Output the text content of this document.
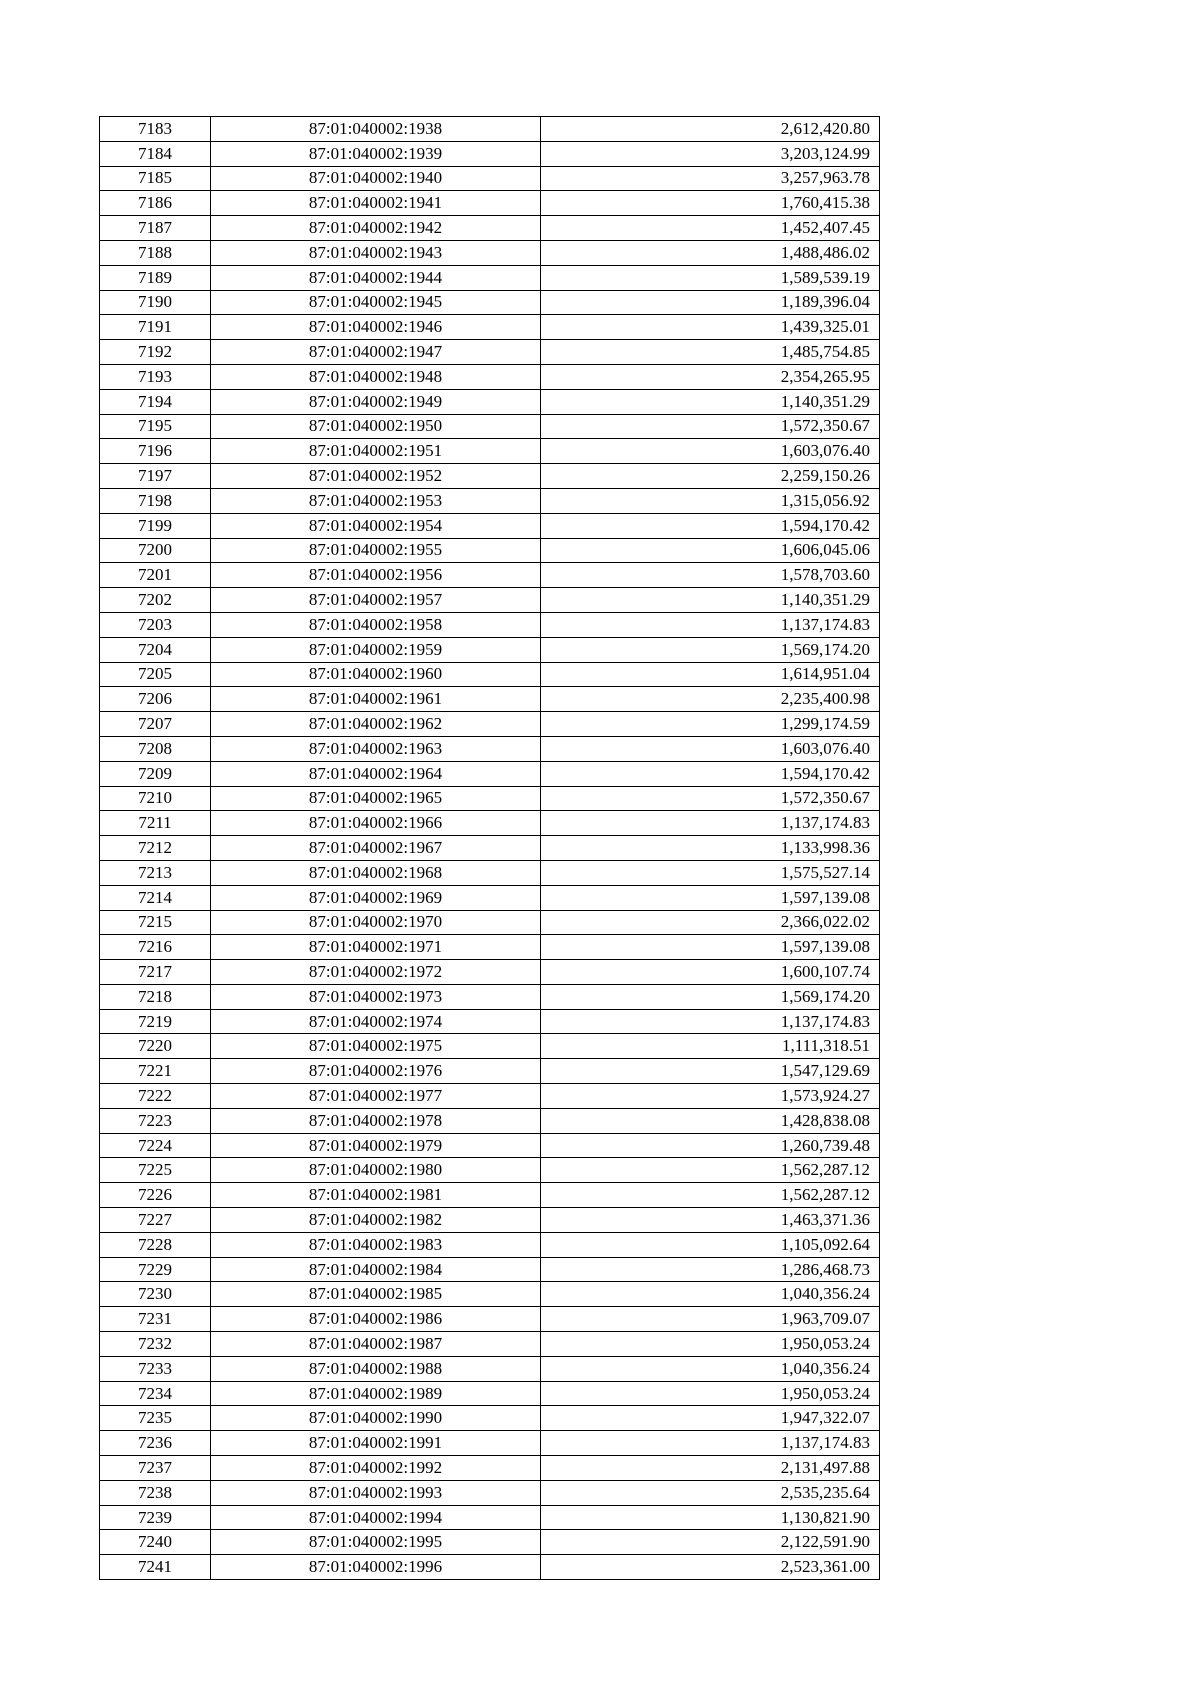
7183	87:01:040002:1938	2,612,420.80
7184	87:01:040002:1939	3,203,124.99
7185	87:01:040002:1940	3,257,963.78
7186	87:01:040002:1941	1,760,415.38
7187	87:01:040002:1942	1,452,407.45
7188	87:01:040002:1943	1,488,486.02
7189	87:01:040002:1944	1,589,539.19
7190	87:01:040002:1945	1,189,396.04
7191	87:01:040002:1946	1,439,325.01
7192	87:01:040002:1947	1,485,754.85
7193	87:01:040002:1948	2,354,265.95
7194	87:01:040002:1949	1,140,351.29
7195	87:01:040002:1950	1,572,350.67
7196	87:01:040002:1951	1,603,076.40
7197	87:01:040002:1952	2,259,150.26
7198	87:01:040002:1953	1,315,056.92
7199	87:01:040002:1954	1,594,170.42
7200	87:01:040002:1955	1,606,045.06
7201	87:01:040002:1956	1,578,703.60
7202	87:01:040002:1957	1,140,351.29
7203	87:01:040002:1958	1,137,174.83
7204	87:01:040002:1959	1,569,174.20
7205	87:01:040002:1960	1,614,951.04
7206	87:01:040002:1961	2,235,400.98
7207	87:01:040002:1962	1,299,174.59
7208	87:01:040002:1963	1,603,076.40
7209	87:01:040002:1964	1,594,170.42
7210	87:01:040002:1965	1,572,350.67
7211	87:01:040002:1966	1,137,174.83
7212	87:01:040002:1967	1,133,998.36
7213	87:01:040002:1968	1,575,527.14
7214	87:01:040002:1969	1,597,139.08
7215	87:01:040002:1970	2,366,022.02
7216	87:01:040002:1971	1,597,139.08
7217	87:01:040002:1972	1,600,107.74
7218	87:01:040002:1973	1,569,174.20
7219	87:01:040002:1974	1,137,174.83
7220	87:01:040002:1975	1,111,318.51
7221	87:01:040002:1976	1,547,129.69
7222	87:01:040002:1977	1,573,924.27
7223	87:01:040002:1978	1,428,838.08
7224	87:01:040002:1979	1,260,739.48
7225	87:01:040002:1980	1,562,287.12
7226	87:01:040002:1981	1,562,287.12
7227	87:01:040002:1982	1,463,371.36
7228	87:01:040002:1983	1,105,092.64
7229	87:01:040002:1984	1,286,468.73
7230	87:01:040002:1985	1,040,356.24
7231	87:01:040002:1986	1,963,709.07
7232	87:01:040002:1987	1,950,053.24
7233	87:01:040002:1988	1,040,356.24
7234	87:01:040002:1989	1,950,053.24
7235	87:01:040002:1990	1,947,322.07
7236	87:01:040002:1991	1,137,174.83
7237	87:01:040002:1992	2,131,497.88
7238	87:01:040002:1993	2,535,235.64
7239	87:01:040002:1994	1,130,821.90
7240	87:01:040002:1995	2,122,591.90
7241	87:01:040002:1996	2,523,361.00
